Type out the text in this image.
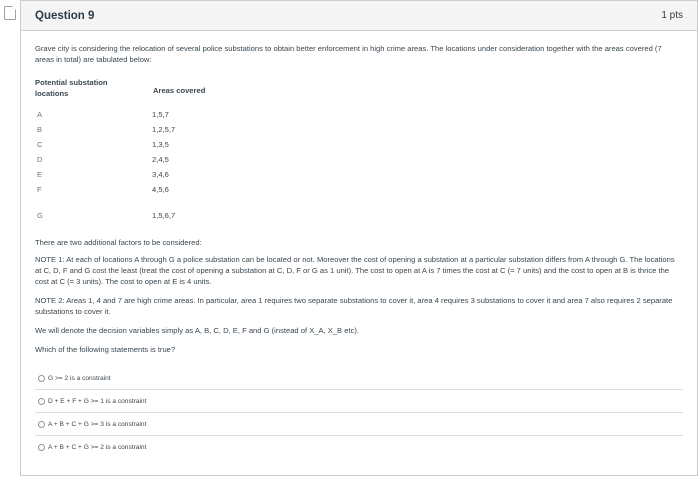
Question 9	1 pts

Grave city is considering the relocation of several police substations to obtain better enforcement in high crime areas. The locations under consideration together with the areas covered (7 areas in total) are tabulated below:

Potential substation
locations	Areas covered
A	1,5,7
B	1,2,5,7
C	1,3,5
D	2,4,5
E	3,4,6
F	4,5,6
G	1,5,6,7

There are two additional factors to be considered:

NOTE 1: At each of locations A through G a police substation can be located or not. Moreover the cost of opening a substation at a particular substation differs from A through G. The locations at C, D, F and G cost the least (treat the cost of opening a substation at C, D, F or G as 1 unit). The cost to open at A is 7 times the cost at C (= 7 units) and the cost to open at B is thrice the cost at C (= 3 units). The cost to open at E is 4 units.

NOTE 2: Areas 1, 4 and 7 are high crime areas. In particular, area 1 requires two separate substations to cover it, area 4 requires 3 substations to cover it and area 7 also requires 2 separate substations to cover it.

We will denote the decision variables simply as A, B, C, D, E, F and G (instead of X_A, X_B etc).

Which of the following statements is true?

G >= 2 is a constraint
D + E + F + G >= 1 is a constraint
A + B + C + G >= 3 is a constraint
A + B + C + G >= 2 is a constraint
